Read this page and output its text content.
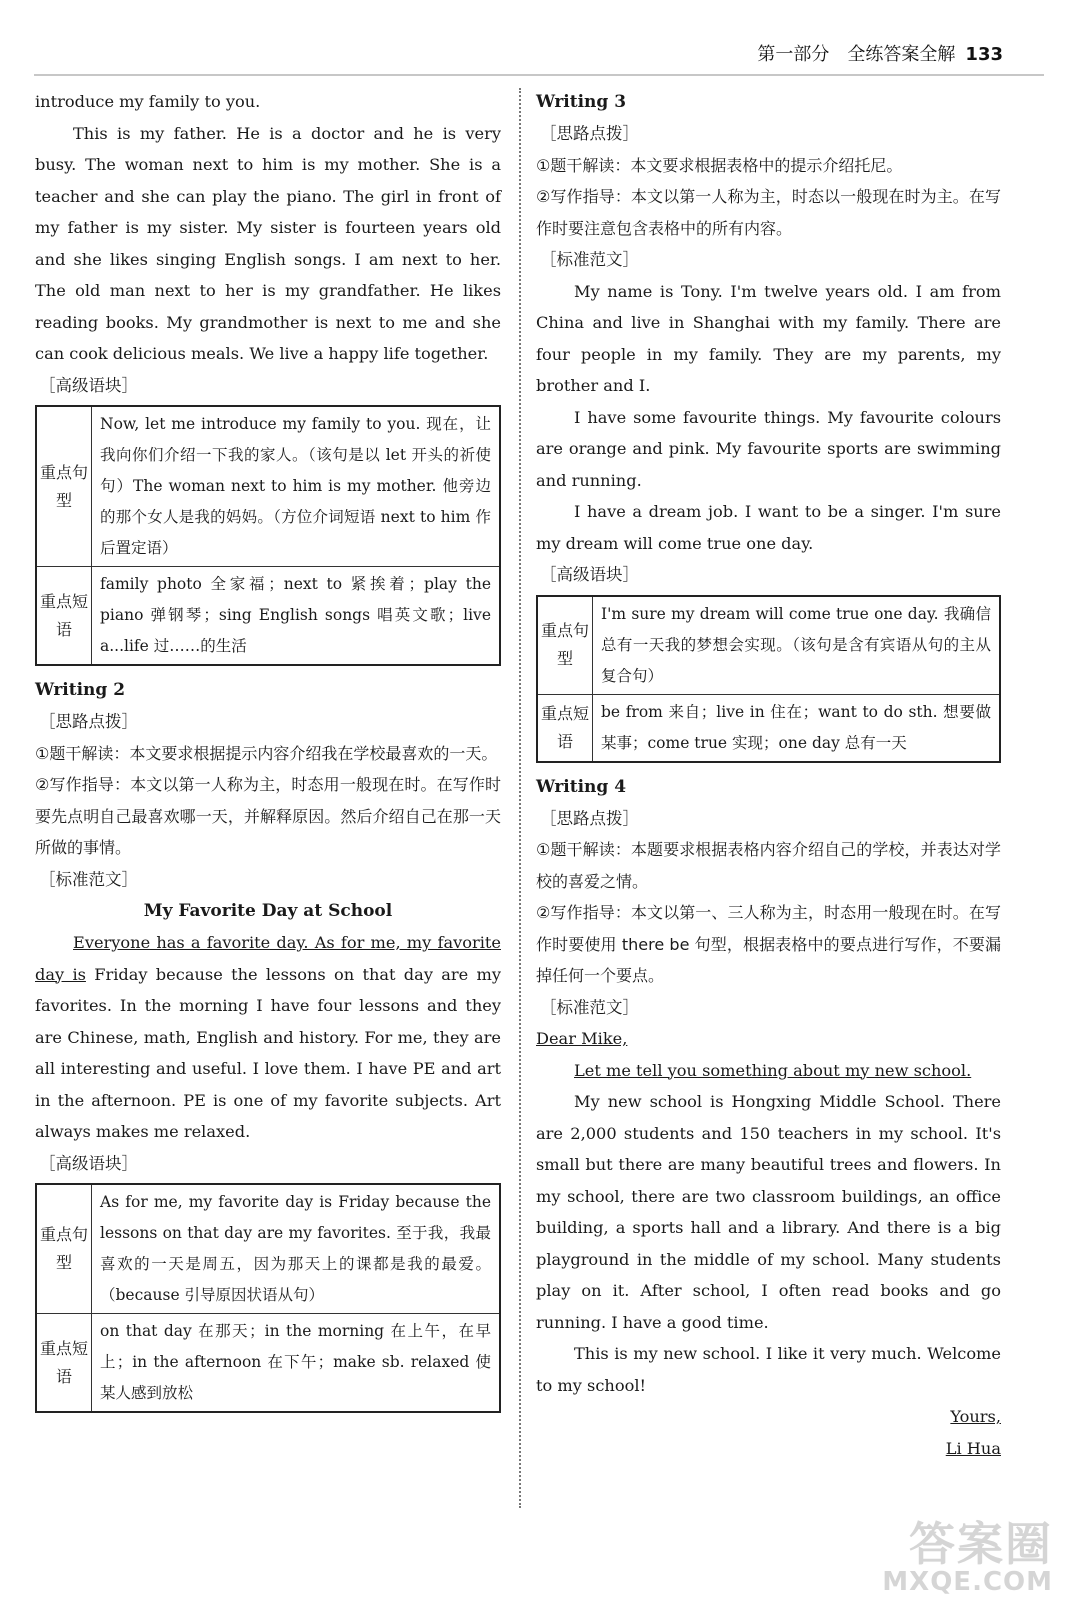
第一部分　全练答案全解 133

introduce my family to you.

This is my father. He is a doctor and he is very busy. The woman next to him is my mother. She is a teacher and she can play the piano. The girl in front of my father is my sister. My sister is fourteen years old and she likes singing English songs. I am next to her. The old man next to her is my grandfather. He likes reading books. My grandmother is next to me and she can cook delicious meals. We live a happy life together.

［高级语块］

重点句型	Now, let me introduce my family to you. 现在，让我向你们介绍一下我的家人。（该句是以 let 开头的祈使句）The woman next to him is my mother. 他旁边的那个女人是我的妈妈。（方位介词短语 next to him 作后置定语）
重点短语	family photo 全家福；next to 紧挨着；play the piano 弹钢琴；sing English songs 唱英文歌；live a...life 过……的生活

Writing 2

［思路点拨］

①题干解读：本文要求根据提示内容介绍我在学校最喜欢的一天。

②写作指导：本文以第一人称为主，时态用一般现在时。在写作时要先点明自己最喜欢哪一天，并解释原因。然后介绍自己在那一天所做的事情。

［标准范文］

My Favorite Day at School

Everyone has a favorite day. As for me, my favorite day is Friday because the lessons on that day are my favorites. In the morning I have four lessons and they are Chinese, math, English and history. For me, they are all interesting and useful. I love them. I have PE and art in the afternoon. PE is one of my favorite subjects. Art always makes me relaxed.

［高级语块］

重点句型	As for me, my favorite day is Friday because the lessons on that day are my favorites. 至于我，我最喜欢的一天是周五，因为那天上的课都是我的最爱。（because 引导原因状语从句）
重点短语	on that day 在那天；in the morning 在上午，在早上；in the afternoon 在下午；make sb. relaxed 使某人感到放松

Writing 3

［思路点拨］

①题干解读：本文要求根据表格中的提示介绍托尼。

②写作指导：本文以第一人称为主，时态以一般现在时为主。在写作时要注意包含表格中的所有内容。

［标准范文］

My name is Tony. I'm twelve years old. I am from China and live in Shanghai with my family. There are four people in my family. They are my parents, my brother and I.

I have some favourite things. My favourite colours are orange and pink. My favourite sports are swimming and running.

I have a dream job. I want to be a singer. I'm sure my dream will come true one day.

［高级语块］

重点句型	I'm sure my dream will come true one day. 我确信总有一天我的梦想会实现。（该句是含有宾语从句的主从复合句）
重点短语	be from 来自；live in 住在；want to do sth. 想要做某事；come true 实现；one day 总有一天

Writing 4

［思路点拨］

①题干解读：本题要求根据表格内容介绍自己的学校，并表达对学校的喜爱之情。

②写作指导：本文以第一、三人称为主，时态用一般现在时。在写作时要使用 there be 句型，根据表格中的要点进行写作，不要漏掉任何一个要点。

［标准范文］

Dear Mike,

Let me tell you something about my new school.

My new school is Hongxing Middle School. There are 2,000 students and 150 teachers in my school. It's small but there are many beautiful trees and flowers. In my school, there are two classroom buildings, an office building, a sports hall and a library. And there is a big playground in the middle of my school. Many students play on it. After school, I often read books and go running. I have a good time.

This is my new school. I like it very much. Welcome to my school!

Yours,

Li Hua

答案圈
MXQE.COM
